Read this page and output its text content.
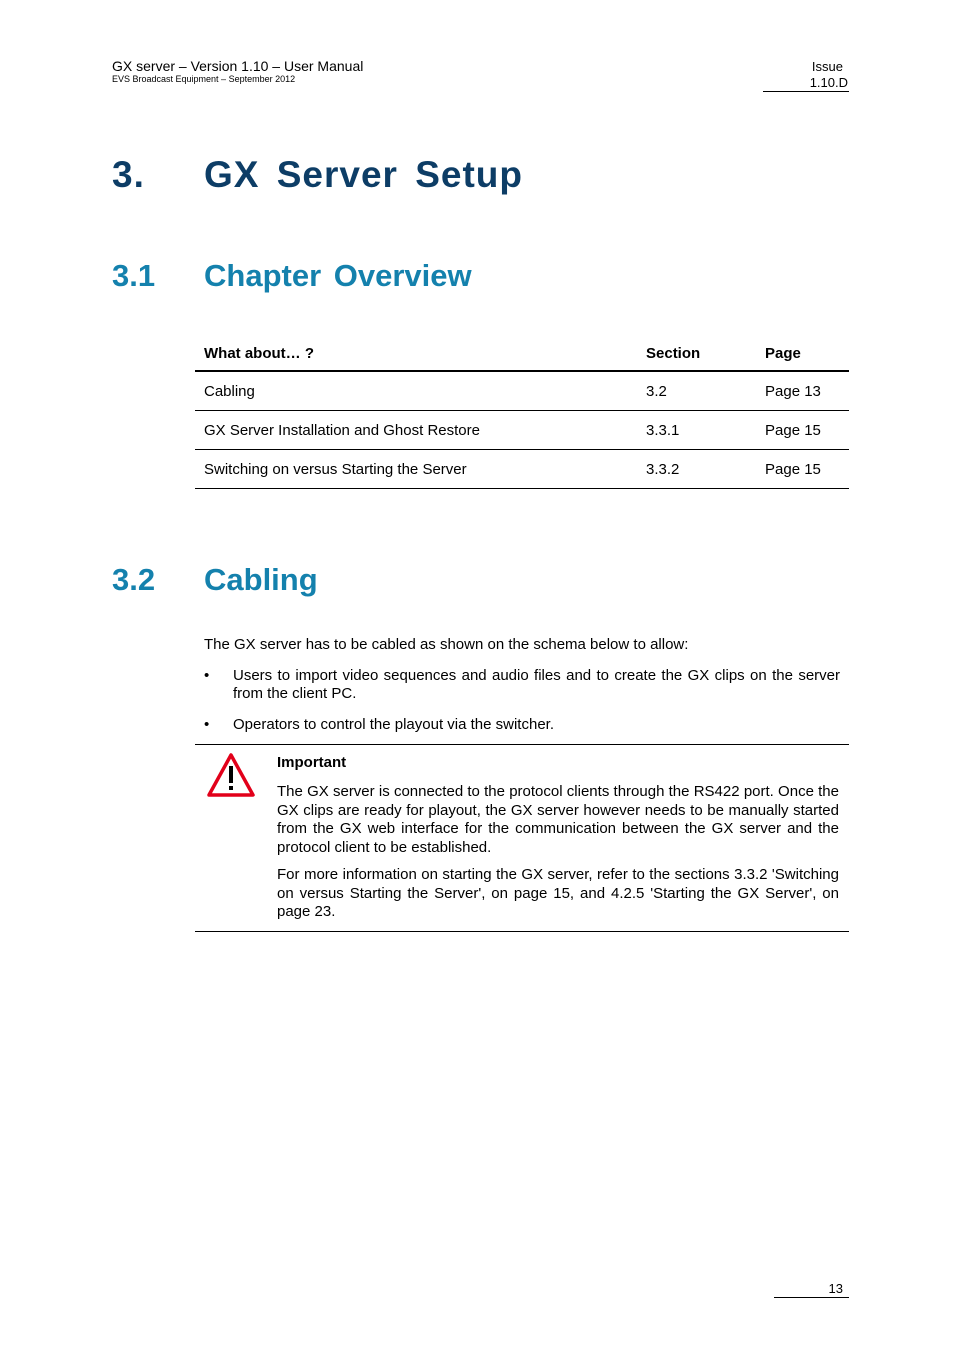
GX server – Version 1.10 – User Manual
EVS Broadcast Equipment – September 2012
Issue
1.10.D
3. GX Server Setup
3.1 Chapter Overview
What about… ?	Section	Page
Cabling	3.2	Page 13
GX Server Installation and Ghost Restore	3.3.1	Page 15
Switching on versus Starting the Server	3.3.2	Page 15
3.2 Cabling
The GX server has to be cabled as shown on the schema below to allow:
• Users to import video sequences and audio files and to create the GX clips on the server from the client PC.
• Operators to control the playout via the switcher.
Important
The GX server is connected to the protocol clients through the RS422 port. Once the GX clips are ready for playout, the GX server however needs to be manually started from the GX web interface for the communication between the GX server and the protocol client to be established.
For more information on starting the GX server, refer to the sections 3.3.2 'Switching on versus Starting the Server', on page 15, and 4.2.5 'Starting the GX Server', on page 23.
13
